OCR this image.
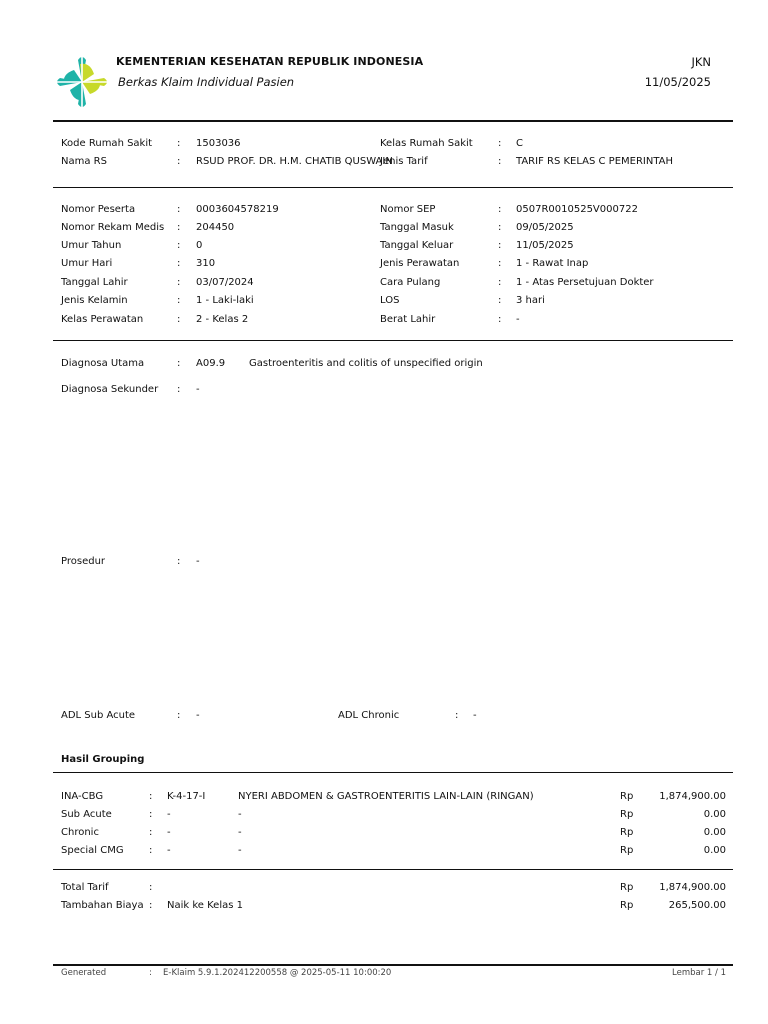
KEMENTERIAN KESEHATAN REPUBLIK INDONESIA
Berkas Klaim Individual Pasien
JKN
11/05/2025
Kode Rumah Sakit : 1503036
Nama RS	: RSUD PROF. DR. H.M. CHATIB QUSWAIN
Kelas Rumah Sakit	: C
Jenis Tarif	: TARIF RS KELAS C PEMERINTAH
Nomor Peserta	: 0003604578219
Nomor Rekam Medis : 204450
Umur Tahun	: 0
Umur Hari	: 310
Tanggal Lahir	: 03/07/2024
Jenis Kelamin	: 1 - Laki-laki
Kelas Perawatan	: 2 - Kelas 2
Nomor SEP	: 0507R0010525V000722
Tanggal Masuk	: 09/05/2025
Tanggal Keluar	: 11/05/2025
Jenis Perawatan	: 1 - Rawat Inap
Cara Pulang	: 1 - Atas Persetujuan Dokter
LOS	: 3 hari
Berat Lahir	: -
Diagnosa Utama	: A09.9 Gastroenteritis and colitis of unspecified origin
Diagnosa Sekunder : -
Prosedur	: -
ADL Sub Acute	: -	ADL Chronic	: -
Hasil Grouping
INA-CBG	: K-4-17-I	NYERI ABDOMEN & GASTROENTERITIS LAIN-LAIN (RINGAN)	Rp	1,874,900.00
Sub Acute	: -	-	Rp	0.00
Chronic	: -	-	Rp	0.00
Special CMG	: -	-	Rp	0.00
Total Tarif	:	Rp	1,874,900.00
Tambahan Biaya : Naik ke Kelas 1	Rp	265,500.00
Generated	: E-Klaim 5.9.1.202412200558 @ 2025-05-11 10:00:20	Lembar 1 / 1
